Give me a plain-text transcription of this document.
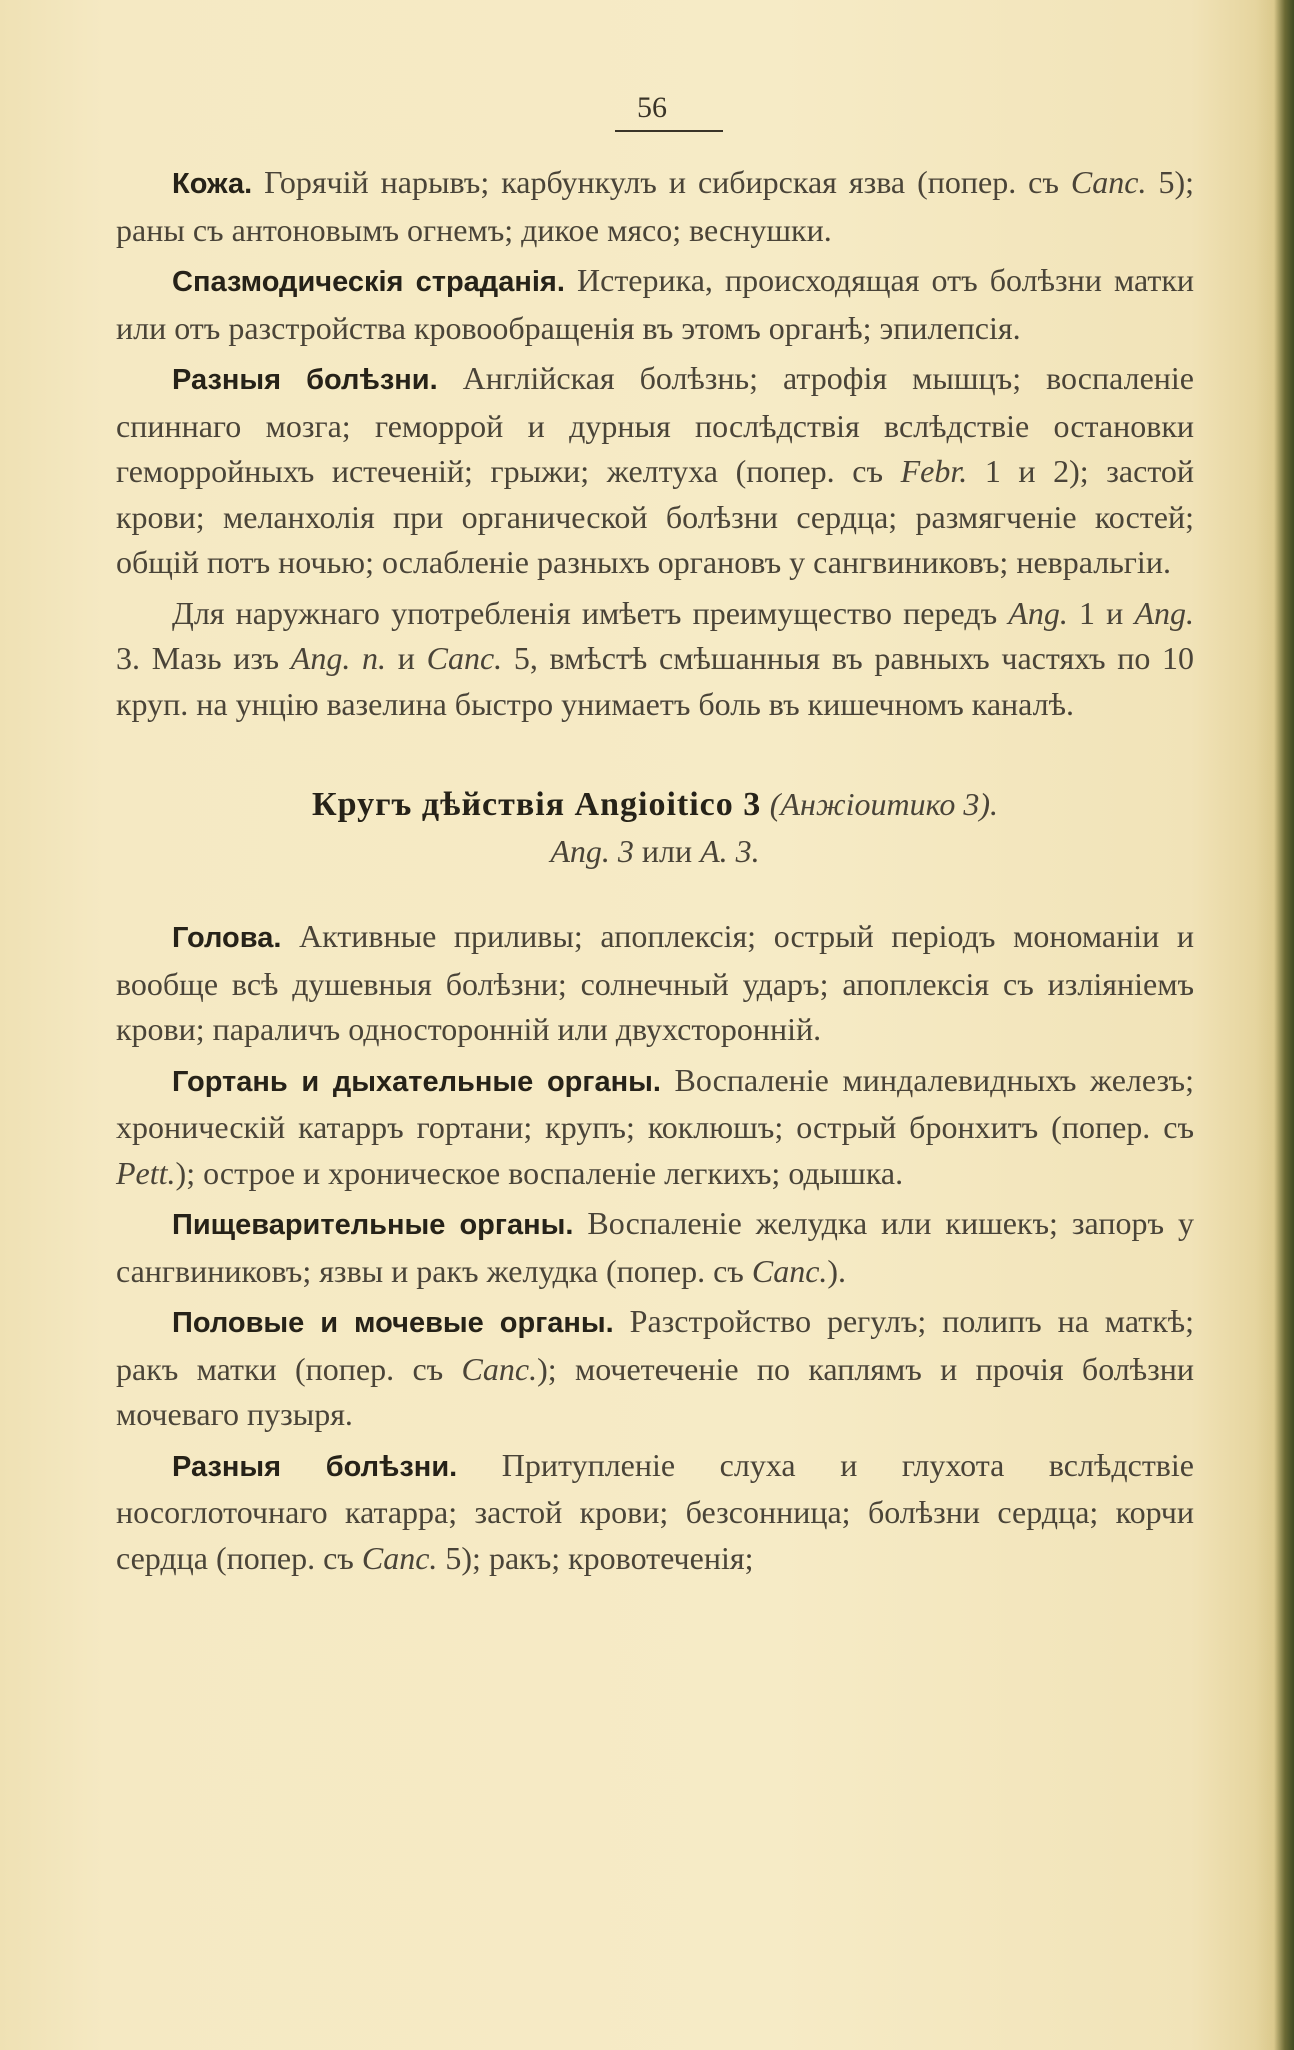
56

Кожа. Горячій нарывъ; карбункулъ и сибирская язва (попер. съ Canc. 5); раны съ антоновымъ огнемъ; дикое мясо; веснушки.

Спазмодическія страданія. Истерика, происходящая отъ болѣзни матки или отъ разстройства кровообращенія въ этомъ органѣ; эпилепсія.

Разныя болѣзни. Англійская болѣзнь; атрофія мышцъ; воспаленіе спиннаго мозга; геморрой и дурныя послѣдствія вслѣдствіе остановки геморройныхъ истеченій; грыжи; желтуха (попер. съ Febr. 1 и 2); застой крови; меланхолія при органической болѣзни сердца; размягченіе костей; общій потъ ночью; ослабленіе разныхъ органовъ у сангвиниковъ; невральгіи.

Для наружнаго употребленія имѣетъ преимущество передъ Ang. 1 и Ang. 3. Мазь изъ Ang. n. и Canc. 5, вмѣстѣ смѣшанныя въ равныхъ частяхъ по 10 круп. на унцію вазелина быстро унимаетъ боль въ кишечномъ каналѣ.

Кругъ дѣйствія Angioitico 3 (Анжіоитико 3).
Ang. 3 или A. 3.

Голова. Активные приливы; апоплексія; острый періодъ мономаніи и вообще всѣ душевныя болѣзни; солнечный ударъ; апоплексія съ изліяніемъ крови; параличъ односторонній или двухсторонній.

Гортань и дыхательные органы. Воспаленіе миндалевидныхъ железъ; хроническій катарръ гортани; крупъ; коклюшъ; острый бронхитъ (попер. съ Pett.); острое и хроническое воспаленіе легкихъ; одышка.

Пищеварительные органы. Воспаленіе желудка или кишекъ; запоръ у сангвиниковъ; язвы и ракъ желудка (попер. съ Canc.).

Половые и мочевые органы. Разстройство регулъ; полипъ на маткѣ; ракъ матки (попер. съ Canc.); мочетеченіе по каплямъ и прочія болѣзни мочеваго пузыря.

Разныя болѣзни. Притупленіе слуха и глухота вслѣдствіе носоглоточнаго катарра; застой крови; безсонница; болѣзни сердца; корчи сердца (попер. съ Canc. 5); ракъ; кровотеченія;
